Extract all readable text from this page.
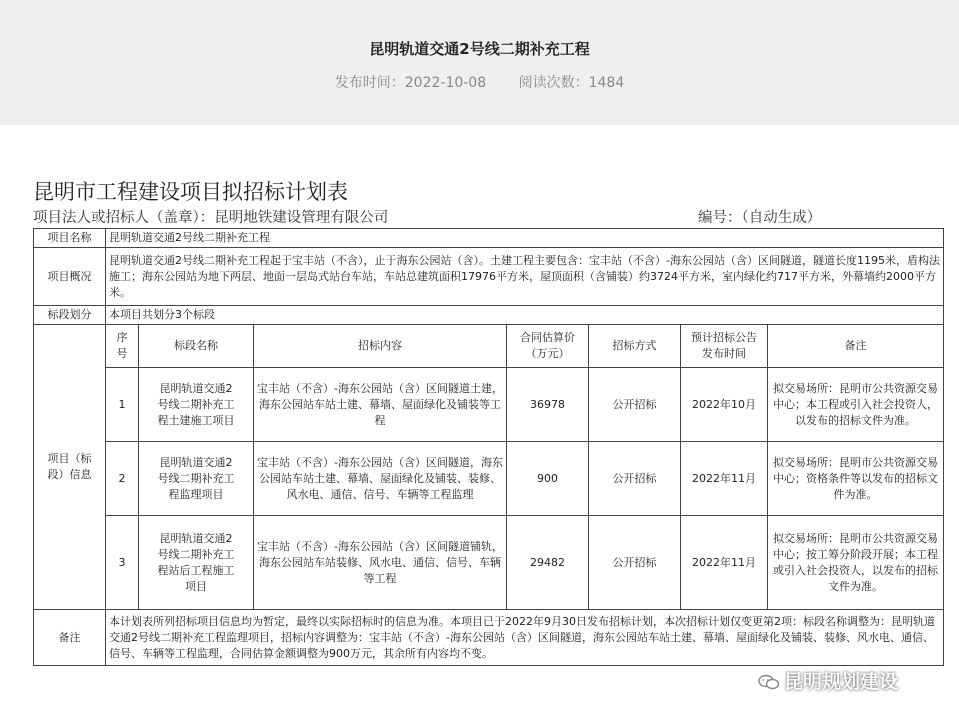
昆明轨道交通2号线二期补充工程
发布时间：2022-10-08 阅读次数：1484
昆明市工程建设项目拟招标计划表
项目法人或招标人（盖章）：昆明地铁建设管理有限公司	编号：（自动生成）
项目名称	昆明轨道交通2号线二期补充工程						
项目概况	昆明轨道交通2号线二期补充工程起于宝丰站（不含），止于海东公园站（含）。土建工程主要包含：宝丰站（不含）-海东公园站（含）区间隧道，隧道长度1195米，盾构法施工；海东公园站为地下两层、地面一层岛式站台车站，车站总建筑面积17976平方米，屋顶面积（含铺装）约3724平方米，室内绿化约717平方米，外幕墙约2000平方米。						
标段划分	本项目共划分3个标段						

项目（标段）信息	序号	标段名称	招标内容	合同估算价（万元）	招标方式	预计招标公告发布时间	备注
	1	昆明轨道交通2号线二期补充工程土建施工项目	宝丰站（不含）-海东公园站（含）区间隧道土建，海东公园站车站土建、幕墙、屋面绿化及铺装等工程	36978	公开招标	2022年10月	拟交易场所：昆明市公共资源交易中心；本工程或引入社会投资人，以发布的招标文件为准。
	2	昆明轨道交通2号线二期补充工程监理项目	宝丰站（不含）-海东公园站（含）区间隧道，海东公园站车站土建、幕墙、屋面绿化及铺装、装修、风水电、通信、信号、车辆等工程监理	900	公开招标	2022年11月	拟交易场所：昆明市公共资源交易中心；资格条件等以发布的招标文件为准。
	3	昆明轨道交通2号线二期补充工程站后工程施工项目	宝丰站（不含）-海东公园站（含）区间隧道铺轨，海东公园站车站装修、风水电、通信、信号、车辆等工程	29482	公开招标	2022年11月	拟交易场所：昆明市公共资源交易中心；按工筹分阶段开展；本工程或引入社会投资人，以发布的招标文件为准。
备注	本计划表所列招标项目信息均为暂定，最终以实际招标时的信息为准。本项目已于2022年9月30日发布招标计划，本次招标计划仅变更第2项：标段名称调整为：昆明轨道交通2号线二期补充工程监理项目，招标内容调整为：宝丰站（不含）-海东公园站（含）区间隧道，海东公园站车站土建、幕墙、屋面绿化及铺装、装修、风水电、通信、信号、车辆等工程监理，合同估算金额调整为900万元，其余所有内容均不变。						
昆明规划建设
